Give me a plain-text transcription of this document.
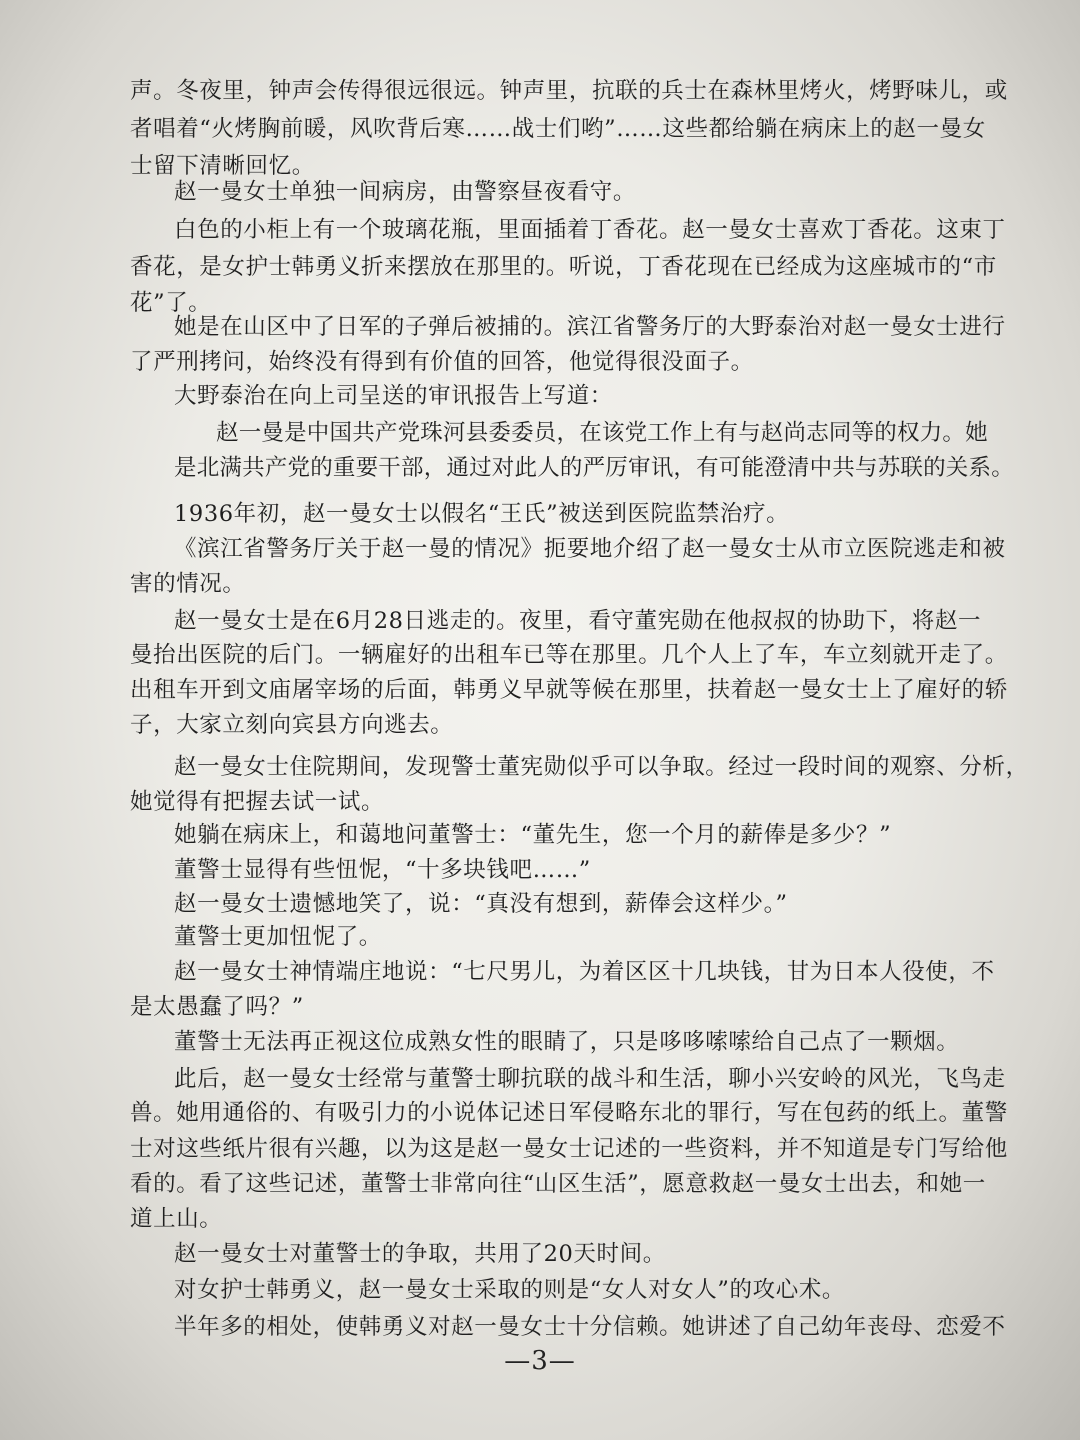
声。冬夜里，钟声会传得很远很远。钟声里，抗联的兵士在森林里烤火，烤野味儿，或
者唱着“火烤胸前暖，风吹背后寒……战士们哟”……这些都给躺在病床上的赵一曼女
士留下清晰回忆。
赵一曼女士单独一间病房，由警察昼夜看守。
白色的小柜上有一个玻璃花瓶，里面插着丁香花。赵一曼女士喜欢丁香花。这束丁
香花，是女护士韩勇义折来摆放在那里的。听说，丁香花现在已经成为这座城市的“市
花”了。
她是在山区中了日军的子弹后被捕的。滨江省警务厅的大野泰治对赵一曼女士进行
了严刑拷问，始终没有得到有价值的回答，他觉得很没面子。
大野泰治在向上司呈送的审讯报告上写道：
赵一曼是中国共产党珠河县委委员，在该党工作上有与赵尚志同等的权力。她
是北满共产党的重要干部，通过对此人的严厉审讯，有可能澄清中共与苏联的关系。
1936年初，赵一曼女士以假名“王氏”被送到医院监禁治疗。
《滨江省警务厅关于赵一曼的情况》扼要地介绍了赵一曼女士从市立医院逃走和被
害的情况。
赵一曼女士是在6月28日逃走的。夜里，看守董宪勋在他叔叔的协助下，将赵一
曼抬出医院的后门。一辆雇好的出租车已等在那里。几个人上了车，车立刻就开走了。
出租车开到文庙屠宰场的后面，韩勇义早就等候在那里，扶着赵一曼女士上了雇好的轿
子，大家立刻向宾县方向逃去。
赵一曼女士住院期间，发现警士董宪勋似乎可以争取。经过一段时间的观察、分析，
她觉得有把握去试一试。
她躺在病床上，和蔼地问董警士：“董先生，您一个月的薪俸是多少？”
董警士显得有些忸怩，“十多块钱吧……”
赵一曼女士遗憾地笑了，说：“真没有想到，薪俸会这样少。”
董警士更加忸怩了。
赵一曼女士神情端庄地说：“七尺男儿，为着区区十几块钱，甘为日本人役使，不
是太愚蠢了吗？”
董警士无法再正视这位成熟女性的眼睛了，只是哆哆嗦嗦给自己点了一颗烟。
此后，赵一曼女士经常与董警士聊抗联的战斗和生活，聊小兴安岭的风光，飞鸟走
兽。她用通俗的、有吸引力的小说体记述日军侵略东北的罪行，写在包药的纸上。董警
士对这些纸片很有兴趣，以为这是赵一曼女士记述的一些资料，并不知道是专门写给他
看的。看了这些记述，董警士非常向往“山区生活”，愿意救赵一曼女士出去，和她一
道上山。
赵一曼女士对董警士的争取，共用了20天时间。
对女护士韩勇义，赵一曼女士采取的则是“女人对女人”的攻心术。
半年多的相处，使韩勇义对赵一曼女士十分信赖。她讲述了自己幼年丧母、恋爱不
—3—
